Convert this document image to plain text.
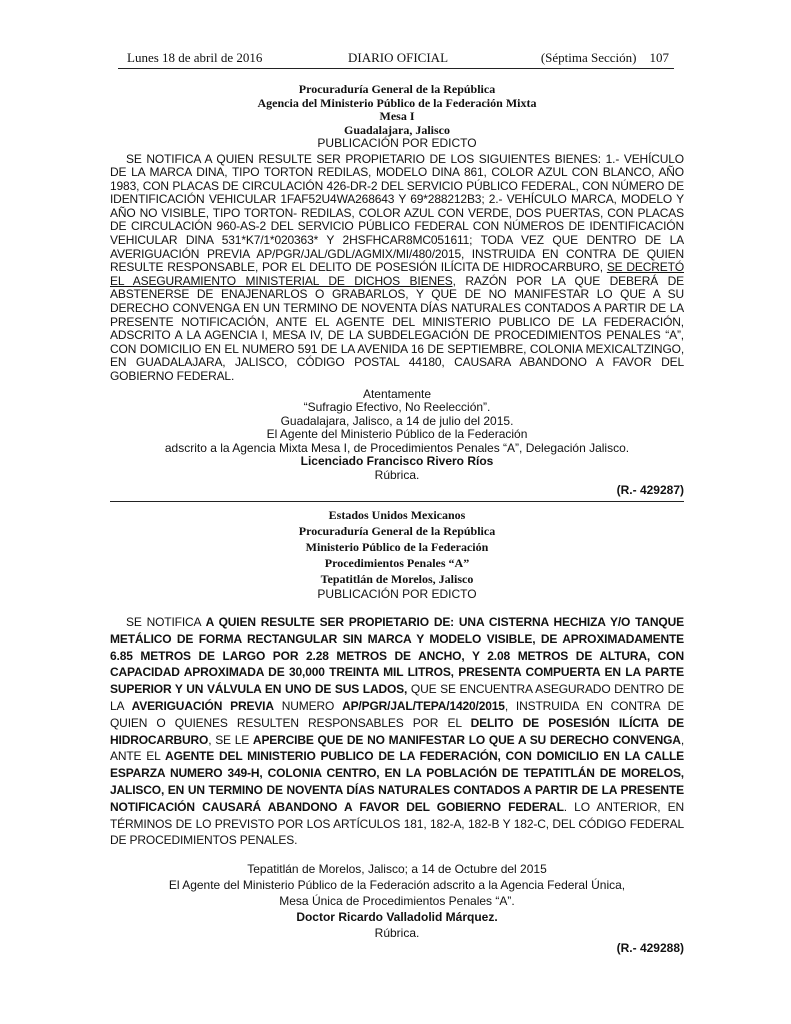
Lunes 18 de abril de 2016	DIARIO OFICIAL	(Séptima Sección) 107
Procuraduría General de la República
Agencia del Ministerio Público de la Federación Mixta
Mesa I
Guadalajara, Jalisco
PUBLICACIÓN POR EDICTO

SE NOTIFICA A QUIEN RESULTE SER PROPIETARIO DE LOS SIGUIENTES BIENES: 1.- VEHÍCULO DE LA MARCA DINA, TIPO TORTON REDILAS, MODELO DINA 861, COLOR AZUL CON BLANCO, AÑO 1983, CON PLACAS DE CIRCULACIÓN 426-DR-2 DEL SERVICIO PÚBLICO FEDERAL, CON NÚMERO DE IDENTIFICACIÓN VEHICULAR 1FAF52U4WA268643 Y 69*288212B3; 2.- VEHÍCULO MARCA, MODELO Y AÑO NO VISIBLE, TIPO TORTON- REDILAS, COLOR AZUL CON VERDE, DOS PUERTAS, CON PLACAS DE CIRCULACIÓN 960-AS-2 DEL SERVICIO PÚBLICO FEDERAL CON NÚMEROS DE IDENTIFICACIÓN VEHICULAR DINA 531*K7/1*020363* Y 2HSFHCAR8MC051611; TODA VEZ QUE DENTRO DE LA AVERIGUACIÓN PREVIA AP/PGR/JAL/GDL/AGMIX/MI/480/2015, INSTRUIDA EN CONTRA DE QUIEN RESULTE RESPONSABLE, POR EL DELITO DE POSESIÓN ILÍCITA DE HIDROCARBURO, SE DECRETÓ EL ASEGURAMIENTO MINISTERIAL DE DICHOS BIENES, RAZÓN POR LA QUE DEBERÁ DE ABSTENERSE DE ENAJENARLOS O GRABARLOS, Y QUE DE NO MANIFESTAR LO QUE A SU DERECHO CONVENGA EN UN TERMINO DE NOVENTA DÍAS NATURALES CONTADOS A PARTIR DE LA PRESENTE NOTIFICACIÓN, ANTE EL AGENTE DEL MINISTERIO PUBLICO DE LA FEDERACIÓN, ADSCRITO A LA AGENCIA I, MESA IV, DE LA SUBDELEGACIÓN DE PROCEDIMIENTOS PENALES “A”, CON DOMICILIO EN EL NUMERO 591 DE LA AVENIDA 16 DE SEPTIEMBRE, COLONIA MEXICALTZINGO, EN GUADALAJARA, JALISCO, CÓDIGO POSTAL 44180, CAUSARA ABANDONO A FAVOR DEL GOBIERNO FEDERAL.

Atentamente
“Sufragio Efectivo, No Reelección”.
Guadalajara, Jalisco, a 14 de julio del 2015.
El Agente del Ministerio Público de la Federación
adscrito a la Agencia Mixta Mesa I, de Procedimientos Penales “A”, Delegación Jalisco.
Licenciado Francisco Rivero Ríos
Rúbrica.
(R.- 429287)
Estados Unidos Mexicanos
Procuraduría General de la República
Ministerio Público de la Federación
Procedimientos Penales “A”
Tepatitlán de Morelos, Jalisco
PUBLICACIÓN POR EDICTO

SE NOTIFICA A QUIEN RESULTE SER PROPIETARIO DE: UNA CISTERNA HECHIZA Y/O TANQUE METÁLICO DE FORMA RECTANGULAR SIN MARCA Y MODELO VISIBLE, DE APROXIMADAMENTE 6.85 METROS DE LARGO POR 2.28 METROS DE ANCHO, Y 2.08 METROS DE ALTURA, CON CAPACIDAD APROXIMADA DE 30,000 TREINTA MIL LITROS, PRESENTA COMPUERTA EN LA PARTE SUPERIOR Y UN VÁLVULA EN UNO DE SUS LADOS, QUE SE ENCUENTRA ASEGURADO DENTRO DE LA AVERIGUACIÓN PREVIA NUMERO AP/PGR/JAL/TEPA/1420/2015, INSTRUIDA EN CONTRA DE QUIEN O QUIENES RESULTEN RESPONSABLES POR EL DELITO DE POSESIÓN ILÍCITA DE HIDROCARBURO, SE LE APERCIBE QUE DE NO MANIFESTAR LO QUE A SU DERECHO CONVENGA, ANTE EL AGENTE DEL MINISTERIO PUBLICO DE LA FEDERACIÓN, CON DOMICILIO EN LA CALLE ESPARZA NUMERO 349-H, COLONIA CENTRO, EN LA POBLACIÓN DE TEPATITLÁN DE MORELOS, JALISCO, EN UN TERMINO DE NOVENTA DÍAS NATURALES CONTADOS A PARTIR DE LA PRESENTE NOTIFICACIÓN CAUSARÁ ABANDONO A FAVOR DEL GOBIERNO FEDERAL. LO ANTERIOR, EN TÉRMINOS DE LO PREVISTO POR LOS ARTÍCULOS 181, 182-A, 182-B Y 182-C, DEL CÓDIGO FEDERAL DE PROCEDIMIENTOS PENALES.

Tepatitlán de Morelos, Jalisco; a 14 de Octubre del 2015
El Agente del Ministerio Público de la Federación adscrito a la Agencia Federal Única,
Mesa Única de Procedimientos Penales “A”.
Doctor Ricardo Valladolid Márquez.
Rúbrica.
(R.- 429288)
